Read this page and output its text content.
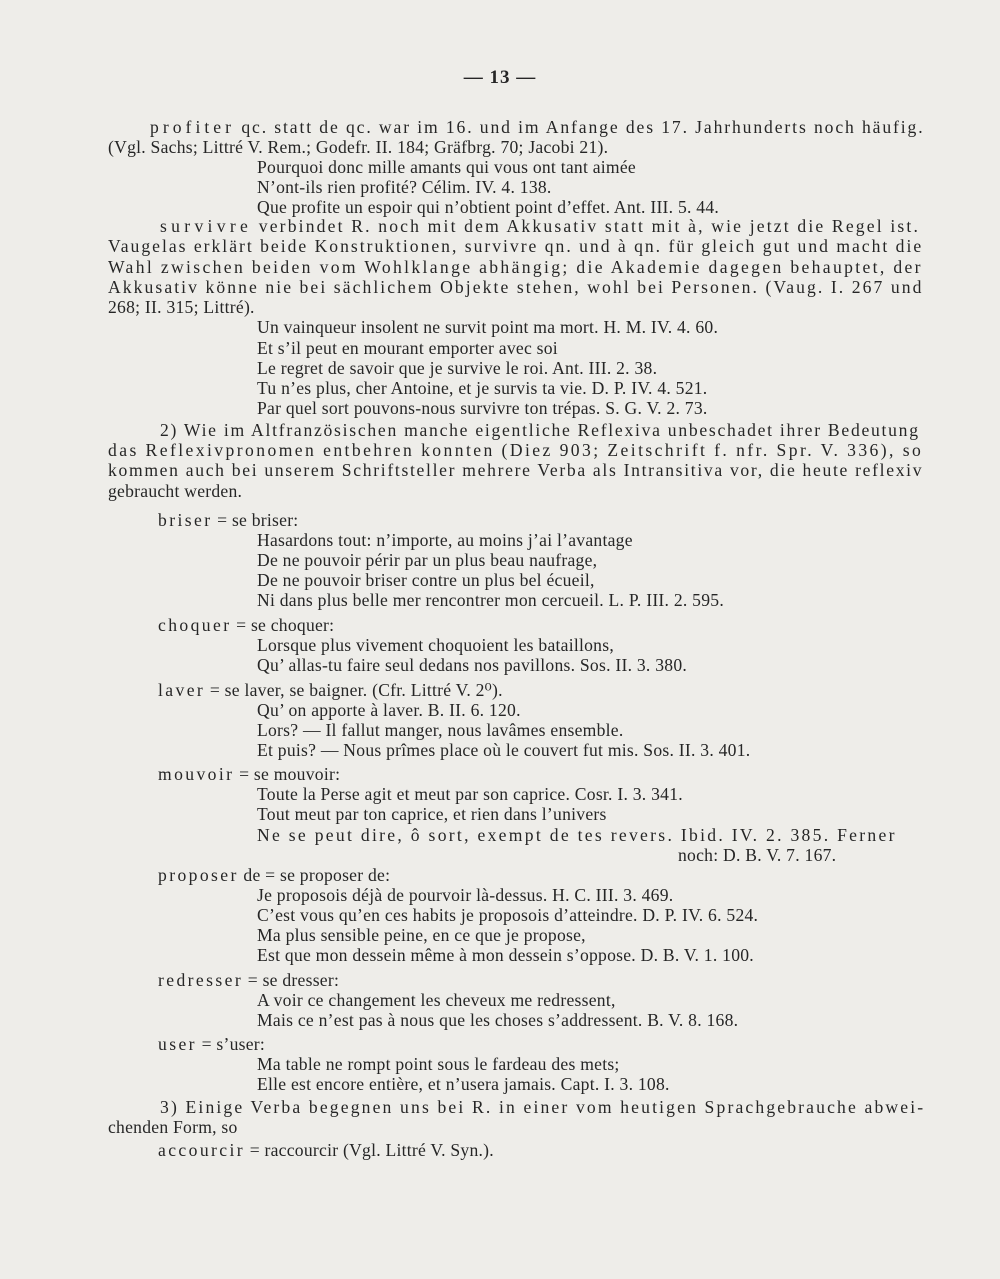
— 13 —
profiter qc. statt de qc. war im 16. und im Anfange des 17. Jahrhunderts noch häufig.
(Vgl. Sachs; Littré V. Rem.; Godefr. II. 184; Gräfbrg. 70; Jacobi 21).
Pourquoi donc mille amants qui vous ont tant aimée
N’ont-ils rien profité? Célim. IV. 4. 138.
Que profite un espoir qui n’obtient point d’effet. Ant. III. 5. 44.
survivre verbindet R. noch mit dem Akkusativ statt mit à, wie jetzt die Regel ist.
Vaugelas erklärt beide Konstruktionen, survivre qn. und à qn. für gleich gut und macht die
Wahl zwischen beiden vom Wohlklange abhängig; die Akademie dagegen behauptet, der
Akkusativ könne nie bei sächlichem Objekte stehen, wohl bei Personen. (Vaug. I. 267 und
268; II. 315; Littré).
Un vainqueur insolent ne survit point ma mort. H. M. IV. 4. 60.
Et s’il peut en mourant emporter avec soi
Le regret de savoir que je survive le roi. Ant. III. 2. 38.
Tu n’es plus, cher Antoine, et je survis ta vie. D. P. IV. 4. 521.
Par quel sort pouvons-nous survivre ton trépas. S. G. V. 2. 73.
2) Wie im Altfranzösischen manche eigentliche Reflexiva unbeschadet ihrer Bedeutung
das Reflexivpronomen entbehren konnten (Diez 903; Zeitschrift f. nfr. Spr. V. 336), so
kommen auch bei unserem Schriftsteller mehrere Verba als Intransitiva vor, die heute reflexiv
gebraucht werden.
briser = se briser:
Hasardons tout: n’importe, au moins j’ai l’avantage
De ne pouvoir périr par un plus beau naufrage,
De ne pouvoir briser contre un plus bel écueil,
Ni dans plus belle mer rencontrer mon cercueil. L. P. III. 2. 595.
choquer = se choquer:
Lorsque plus vivement choquoient les bataillons,
Qu’ allas-tu faire seul dedans nos pavillons. Sos. II. 3. 380.
laver = se laver, se baigner. (Cfr. Littré V. 2⁰).
Qu’ on apporte à laver. B. II. 6. 120.
Lors? — Il fallut manger, nous lavâmes ensemble.
Et puis? — Nous prîmes place où le couvert fut mis. Sos. II. 3. 401.
mouvoir = se mouvoir:
Toute la Perse agit et meut par son caprice. Cosr. I. 3. 341.
Tout meut par ton caprice, et rien dans l’univers
Ne se peut dire, ô sort, exempt de tes revers. Ibid. IV. 2. 385. Ferner
noch: D. B. V. 7. 167.
proposer de = se proposer de:
Je proposois déjà de pourvoir là-dessus. H. C. III. 3. 469.
C’est vous qu’en ces habits je proposois d’atteindre. D. P. IV. 6. 524.
Ma plus sensible peine, en ce que je propose,
Est que mon dessein même à mon dessein s’oppose. D. B. V. 1. 100.
redresser = se dresser:
A voir ce changement les cheveux me redressent,
Mais ce n’est pas à nous que les choses s’addressent. B. V. 8. 168.
user = s’user:
Ma table ne rompt point sous le fardeau des mets;
Elle est encore entière, et n’usera jamais. Capt. I. 3. 108.
3) Einige Verba begegnen uns bei R. in einer vom heutigen Sprachgebrauche abwei-
chenden Form, so
accourcir = raccourcir (Vgl. Littré V. Syn.).
